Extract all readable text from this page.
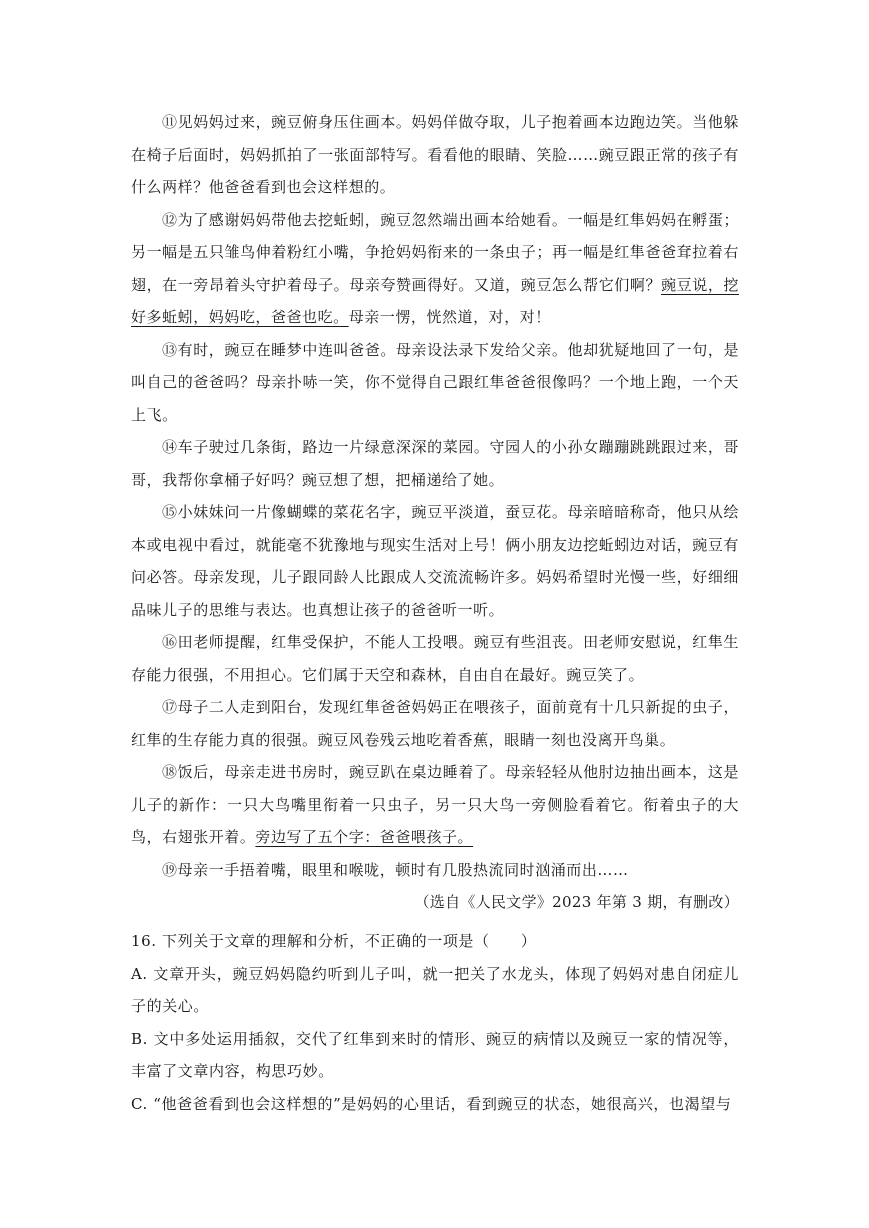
⑪见妈妈过来，豌豆俯身压住画本。妈妈佯做夺取，儿子抱着画本边跑边笑。当他躲在椅子后面时，妈妈抓拍了一张面部特写。看看他的眼睛、笑脸……豌豆跟正常的孩子有什么两样？他爸爸看到也会这样想的。

⑫为了感谢妈妈带他去挖蚯蚓，豌豆忽然端出画本给她看。一幅是红隼妈妈在孵蛋；另一幅是五只雏鸟伸着粉红小嘴，争抢妈妈衔来的一条虫子；再一幅是红隼爸爸耷拉着右翅，在一旁昂着头守护着母子。母亲夸赞画得好。又道，豌豆怎么帮它们啊？豌豆说，挖好多蚯蚓，妈妈吃，爸爸也吃。母亲一愣，恍然道，对，对！

⑬有时，豌豆在睡梦中连叫爸爸。母亲设法录下发给父亲。他却犹疑地回了一句，是叫自己的爸爸吗？母亲扑哧一笑，你不觉得自己跟红隼爸爸很像吗？一个地上跑，一个天上飞。

⑭车子驶过几条街，路边一片绿意深深的菜园。守园人的小孙女蹦蹦跳跳跟过来，哥哥，我帮你拿桶子好吗？豌豆想了想，把桶递给了她。

⑮小妹妹问一片像蝴蝶的菜花名字，豌豆平淡道，蚕豆花。母亲暗暗称奇，他只从绘本或电视中看过，就能毫不犹豫地与现实生活对上号！俩小朋友边挖蚯蚓边对话，豌豆有问必答。母亲发现，儿子跟同龄人比跟成人交流流畅许多。妈妈希望时光慢一些，好细细品味儿子的思维与表达。也真想让孩子的爸爸听一听。

⑯田老师提醒，红隼受保护，不能人工投喂。豌豆有些沮丧。田老师安慰说，红隼生存能力很强，不用担心。它们属于天空和森林，自由自在最好。豌豆笑了。

⑰母子二人走到阳台，发现红隼爸爸妈妈正在喂孩子，面前竟有十几只新捉的虫子，红隼的生存能力真的很强。豌豆风卷残云地吃着香蕉，眼睛一刻也没离开鸟巢。

⑱饭后，母亲走进书房时，豌豆趴在桌边睡着了。母亲轻轻从他肘边抽出画本，这是儿子的新作：一只大鸟嘴里衔着一只虫子，另一只大鸟一旁侧脸看着它。衔着虫子的大鸟，右翅张开着。旁边写了五个字：爸爸喂孩子。

⑲母亲一手捂着嘴，眼里和喉咙，顿时有几股热流同时汹涌而出……

（选自《人民文学》2023 年第 3 期，有删改）

16. 下列关于文章的理解和分析，不正确的一项是（　　）

A. 文章开头，豌豆妈妈隐约听到儿子叫，就一把关了水龙头，体现了妈妈对患自闭症儿子的关心。

B. 文中多处运用插叙，交代了红隼到来时的情形、豌豆的病情以及豌豆一家的情况等，丰富了文章内容，构思巧妙。

C. “他爸爸看到也会这样想的”是妈妈的心里话，看到豌豆的状态，她很高兴，也渴望与
